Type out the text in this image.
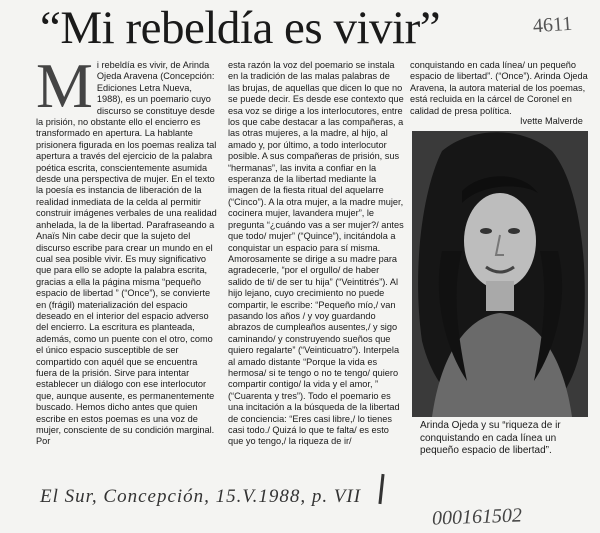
“Mi rebeldía es vivir”	4611
M i rebeldía es vivir, de Arinda Ojeda Aravena (Concepción: Ediciones Letra Nueva, 1988), es un poemario cuyo discurso se constituye desde la prisión, no obstante ello el encierro es transformado en apertura. La hablante prisionera figurada en los poemas realiza tal apertura a través del ejercicio de la palabra poética escrita, conscientemente asumida desde una perspectiva de mujer. En el texto la poesía es instancia de liberación de la realidad inmediata de la celda al permitir construir imágenes verbales de una realidad anhelada, la de la libertad. Parafraseando a Anaïs Nin cabe decir que la sujeto del discurso escribe para crear un mundo en el cual sea posible vivir. Es muy significativo que para ello se adopte la palabra escrita, gracias a ella la página misma “pequeño espacio de libertad ” (“Once”), se convierte en (frágil) materialización del espacio deseado en el interior del espacio adverso del encierro. La escritura es planteada, además, como un puente con el otro, como el único espacio susceptible de ser compartido con aquél que se encuentra fuera de la prisión. Sirve para intentar establecer un diálogo con ese interlocutor que, aunque ausente, es permanentemente buscado. Hemos dicho antes que quien escribe en estos poemas es una voz de mujer, consciente de su condición marginal. Por

esta razón la voz del poemario se instala en la tradición de las malas palabras de las brujas, de aquellas que dicen lo que no se puede decir. Es desde ese contexto que esa voz se dirige a los interlocutores, entre los que cabe destacar a las compañeras, a las otras mujeres, a la madre, al hijo, al amado y, por último, a todo interlocutor posible. A sus compañeras de prisión, sus “hermanas”, las invita a confiar en la esperanza de la libertad mediante la imagen de la fiesta ritual del aquelarre (“Cinco”). A la otra mujer, a la madre mujer, cocinera mujer, lavandera mujer”, le pregunta “¿cuándo vas a ser mujer?/ antes que todo/ mujer” (“Quince”), incitándola a conquistar un espacio para sí misma. Amorosamente se dirige a su madre para agradecerle, “por el orgullo/ de haber salido de ti/ de ser tu hija” (“Veintitrés”). Al hijo lejano, cuyo crecimiento no puede compartir, le escribe: “Pequeño mío,/ van pasando los años / y voy guardando abrazos de cumpleaños ausentes,/ y sigo caminando/ y construyendo sueños que quiero regalarte” (“Veinticuatro”). Interpela al amado distante “Porque la vida es hermosa/ si te tengo o no te tengo/ quiero compartir contigo/ la vida y el amor, ” (“Cuarenta y tres”). Todo el poemario es una incitación a la búsqueda de la libertad de conciencia: “Eres casi libre,/ lo tienes casi todo./ Quizá lo que te falta/ es esto que yo tengo,/ la riqueza de ir/

conquistando en cada línea/ un pequeño espacio de libertad”. (“Once”). Arinda Ojeda Aravena, la autora material de los poemas, está recluida en la cárcel de Coronel en calidad de presa política.

Ivette Malverde
Arinda Ojeda y su “riqueza de ir conquistando en cada línea un pequeño espacio de libertad”.
El Sur, Concepción, 15.V.1988, p. VII
000161502
